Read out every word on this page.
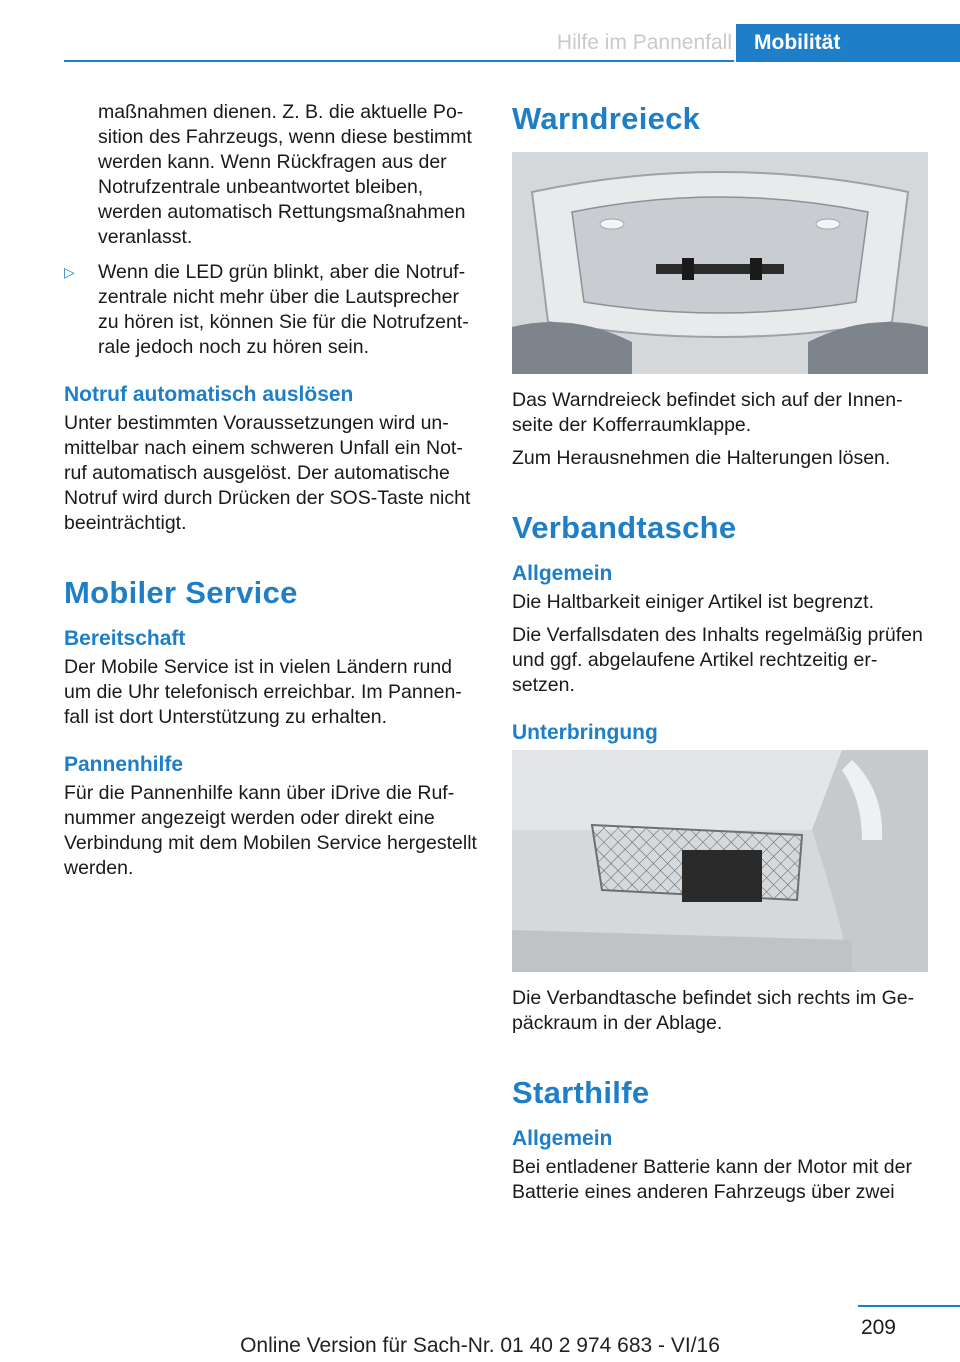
Hilfe im Pannenfall	Mobilität

maßnahmen dienen. Z. B. die aktuelle Position des Fahrzeugs, wenn diese bestimmt werden kann. Wenn Rückfragen aus der Notrufzentrale unbeantwortet bleiben, werden automatisch Rettungsmaßnahmen veranlasst.

▷ Wenn die LED grün blinkt, aber die Notrufzentrale nicht mehr über die Lautsprecher zu hören ist, können Sie für die Notrufzentrale jedoch noch zu hören sein.
Notruf automatisch auslösen

Unter bestimmten Voraussetzungen wird unmittelbar nach einem schweren Unfall ein Notruf automatisch ausgelöst. Der automatische Notruf wird durch Drücken der SOS-Taste nicht beeinträchtigt.

Mobiler Service
Bereitschaft

Der Mobile Service ist in vielen Ländern rund um die Uhr telefonisch erreichbar. Im Pannenfall ist dort Unterstützung zu erhalten.

Pannenhilfe

Für die Pannenhilfe kann über iDrive die Rufnummer angezeigt werden oder direkt eine Verbindung mit dem Mobilen Service hergestellt werden.

Warndreieck

Das Warndreieck befindet sich auf der Innenseite der Kofferraumklappe.

Zum Herausnehmen die Halterungen lösen.

Verbandtasche
Allgemein

Die Haltbarkeit einiger Artikel ist begrenzt.

Die Verfallsdaten des Inhalts regelmäßig prüfen und ggf. abgelaufene Artikel rechtzeitig ersetzen.

Unterbringung

Die Verbandtasche befindet sich rechts im Gepäckraum in der Ablage.

Starthilfe
Allgemein

Bei entladener Batterie kann der Motor mit der Batterie eines anderen Fahrzeugs über zwei

209
Online Version für Sach-Nr. 01 40 2 974 683 - VI/16
